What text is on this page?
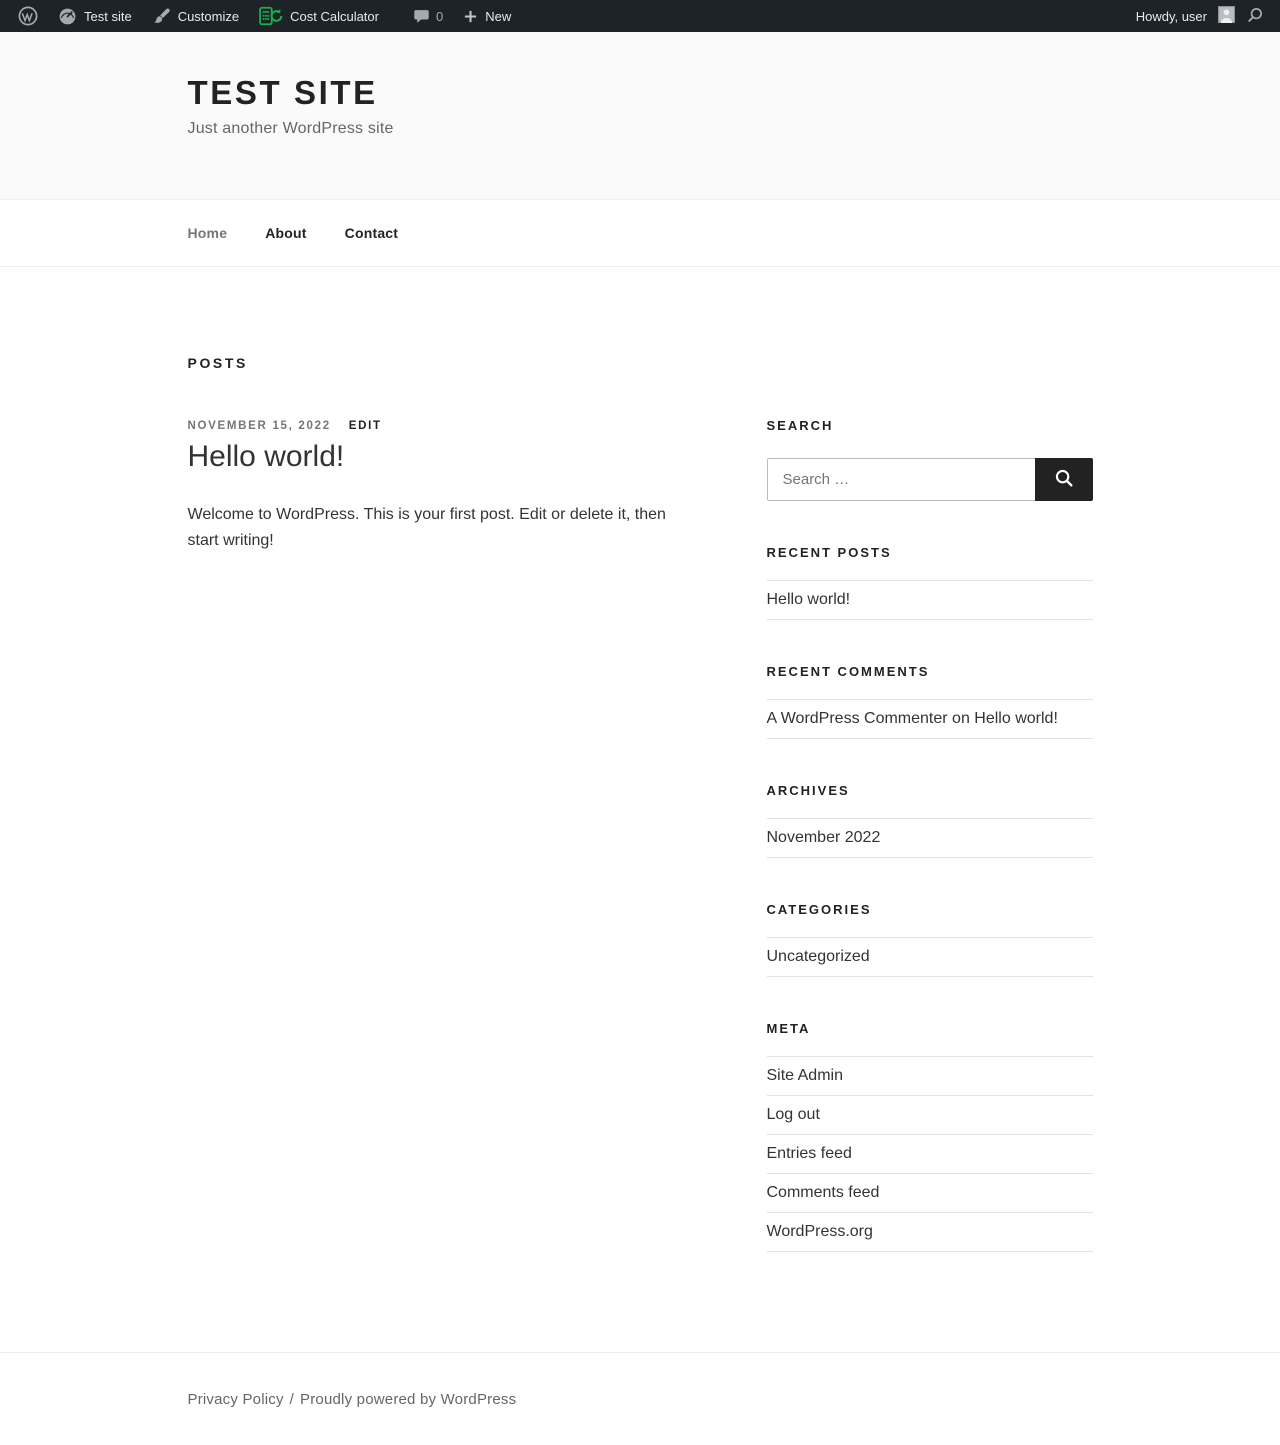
Test site	Customize	Cost Calculator	0	New	Howdy, user
TEST SITE

Just another WordPress site

Home	About	Contact
POSTS
NOVEMBER 15, 2022 EDIT
Hello world!

Welcome to WordPress. This is your first post. Edit or delete it, then start writing!

SEARCH
Search …
RECENT POSTS
Hello world!
RECENT COMMENTS
A WordPress Commenter on Hello world!
ARCHIVES
November 2022
CATEGORIES
Uncategorized
META
Site Admin
Log out
Entries feed
Comments feed
WordPress.org
Privacy Policy / Proudly powered by WordPress
